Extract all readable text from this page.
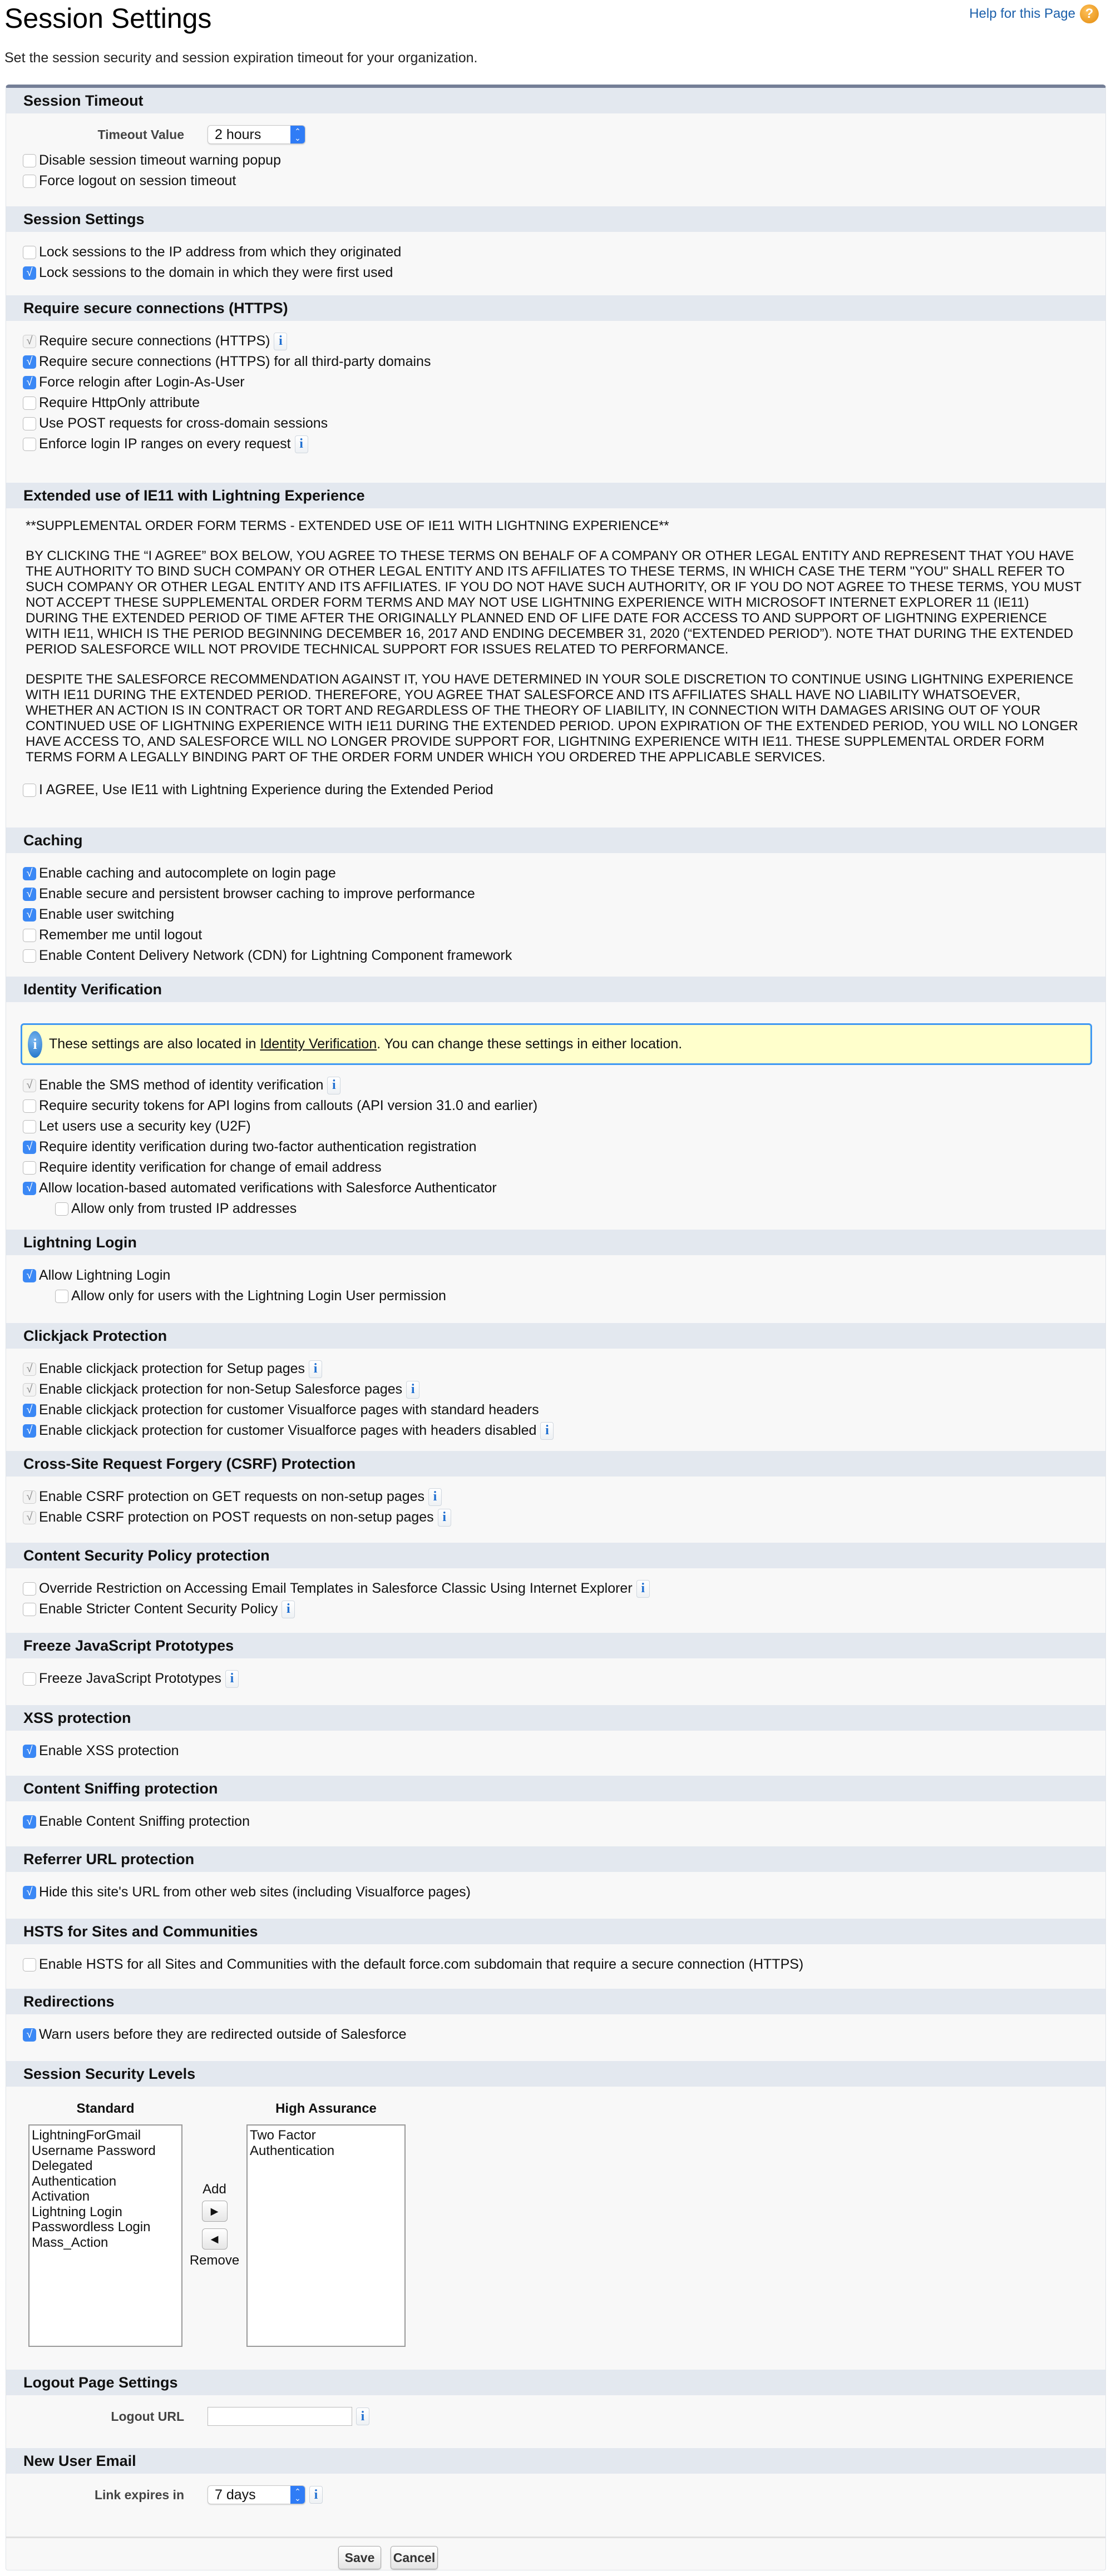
Session Settings	Help for this Page ?
Set the session security and session expiration timeout for your organization.
Session Timeout
Timeout Value	2 hours	⌃
⌄
Disable session timeout warning popup
Force logout on session timeout
Session Settings
Lock sessions to the IP address from which they originated
√ Lock sessions to the domain in which they were first used
Require secure connections (HTTPS)
√ Require secure connections (HTTPS) i
√ Require secure connections (HTTPS) for all third-party domains
√ Force relogin after Login-As-User
Require HttpOnly attribute
Use POST requests for cross-domain sessions
Enforce login IP ranges on every request i
Extended use of IE11 with Lightning Experience

**SUPPLEMENTAL ORDER FORM TERMS - EXTENDED USE OF IE11 WITH LIGHTNING EXPERIENCE**

BY CLICKING THE “I AGREE” BOX BELOW, YOU AGREE TO THESE TERMS ON BEHALF OF A COMPANY OR OTHER LEGAL ENTITY AND REPRESENT THAT YOU HAVE THE AUTHORITY TO BIND SUCH COMPANY OR OTHER LEGAL ENTITY AND ITS AFFILIATES TO THESE TERMS, IN WHICH CASE THE TERM "YOU" SHALL REFER TO SUCH COMPANY OR OTHER LEGAL ENTITY AND ITS AFFILIATES. IF YOU DO NOT HAVE SUCH AUTHORITY, OR IF YOU DO NOT AGREE TO THESE TERMS, YOU MUST NOT ACCEPT THESE SUPPLEMENTAL ORDER FORM TERMS AND MAY NOT USE LIGHTNING EXPERIENCE WITH MICROSOFT INTERNET EXPLORER 11 (IE11) DURING THE EXTENDED PERIOD OF TIME AFTER THE ORIGINALLY PLANNED END OF LIFE DATE FOR ACCESS TO AND SUPPORT OF LIGHTNING EXPERIENCE WITH IE11, WHICH IS THE PERIOD BEGINNING DECEMBER 16, 2017 AND ENDING DECEMBER 31, 2020 (“EXTENDED PERIOD”). NOTE THAT DURING THE EXTENDED PERIOD SALESFORCE WILL NOT PROVIDE TECHNICAL SUPPORT FOR ISSUES RELATED TO PERFORMANCE.

DESPITE THE SALESFORCE RECOMMENDATION AGAINST IT, YOU HAVE DETERMINED IN YOUR SOLE DISCRETION TO CONTINUE USING LIGHTNING EXPERIENCE WITH IE11 DURING THE EXTENDED PERIOD. THEREFORE, YOU AGREE THAT SALESFORCE AND ITS AFFILIATES SHALL HAVE NO LIABILITY WHATSOEVER, WHETHER AN ACTION IS IN CONTRACT OR TORT AND REGARDLESS OF THE THEORY OF LIABILITY, IN CONNECTION WITH DAMAGES ARISING OUT OF YOUR CONTINUED USE OF LIGHTNING EXPERIENCE WITH IE11 DURING THE EXTENDED PERIOD. UPON EXPIRATION OF THE EXTENDED PERIOD, YOU WILL NO LONGER HAVE ACCESS TO, AND SALESFORCE WILL NO LONGER PROVIDE SUPPORT FOR, LIGHTNING EXPERIENCE WITH IE11. THESE SUPPLEMENTAL ORDER FORM TERMS FORM A LEGALLY BINDING PART OF THE ORDER FORM UNDER WHICH YOU ORDERED THE APPLICABLE SERVICES.

I AGREE, Use IE11 with Lightning Experience during the Extended Period
Caching
√ Enable caching and autocomplete on login page
√ Enable secure and persistent browser caching to improve performance
√ Enable user switching
Remember me until logout
Enable Content Delivery Network (CDN) for Lightning Component framework
Identity Verification
i These settings are also located in Identity Verification. You can change these settings in either location.
√ Enable the SMS method of identity verification i
Require security tokens for API logins from callouts (API version 31.0 and earlier)
Let users use a security key (U2F)
√ Require identity verification during two-factor authentication registration
Require identity verification for change of email address
√ Allow location-based automated verifications with Salesforce Authenticator
Allow only from trusted IP addresses
Lightning Login
√ Allow Lightning Login
Allow only for users with the Lightning Login User permission
Clickjack Protection
√ Enable clickjack protection for Setup pages i
√ Enable clickjack protection for non-Setup Salesforce pages i
√ Enable clickjack protection for customer Visualforce pages with standard headers
√ Enable clickjack protection for customer Visualforce pages with headers disabled i
Cross-Site Request Forgery (CSRF) Protection
√ Enable CSRF protection on GET requests on non-setup pages i
√ Enable CSRF protection on POST requests on non-setup pages i
Content Security Policy protection
Override Restriction on Accessing Email Templates in Salesforce Classic Using Internet Explorer i
Enable Stricter Content Security Policy i
Freeze JavaScript Prototypes
Freeze JavaScript Prototypes i
XSS protection
√ Enable XSS protection
Content Sniffing protection
√ Enable Content Sniffing protection
Referrer URL protection
√ Hide this site's URL from other web sites (including Visualforce pages)
HSTS for Sites and Communities
Enable HSTS for all Sites and Communities with the default force.com subdomain that require a secure connection (HTTPS)
Redirections
√ Warn users before they are redirected outside of Salesforce
Session Security Levels
Standard
LightningForGmail
Username Password
Delegated Authentication
Activation
Lightning Login
Passwordless Login
Mass_Action
Add
▶
◀
Remove
High Assurance
Two Factor Authentication
Logout Page Settings
Logout URL	i
New User Email
Link expires in	7 days	⌃
⌄ i
Save	Cancel
